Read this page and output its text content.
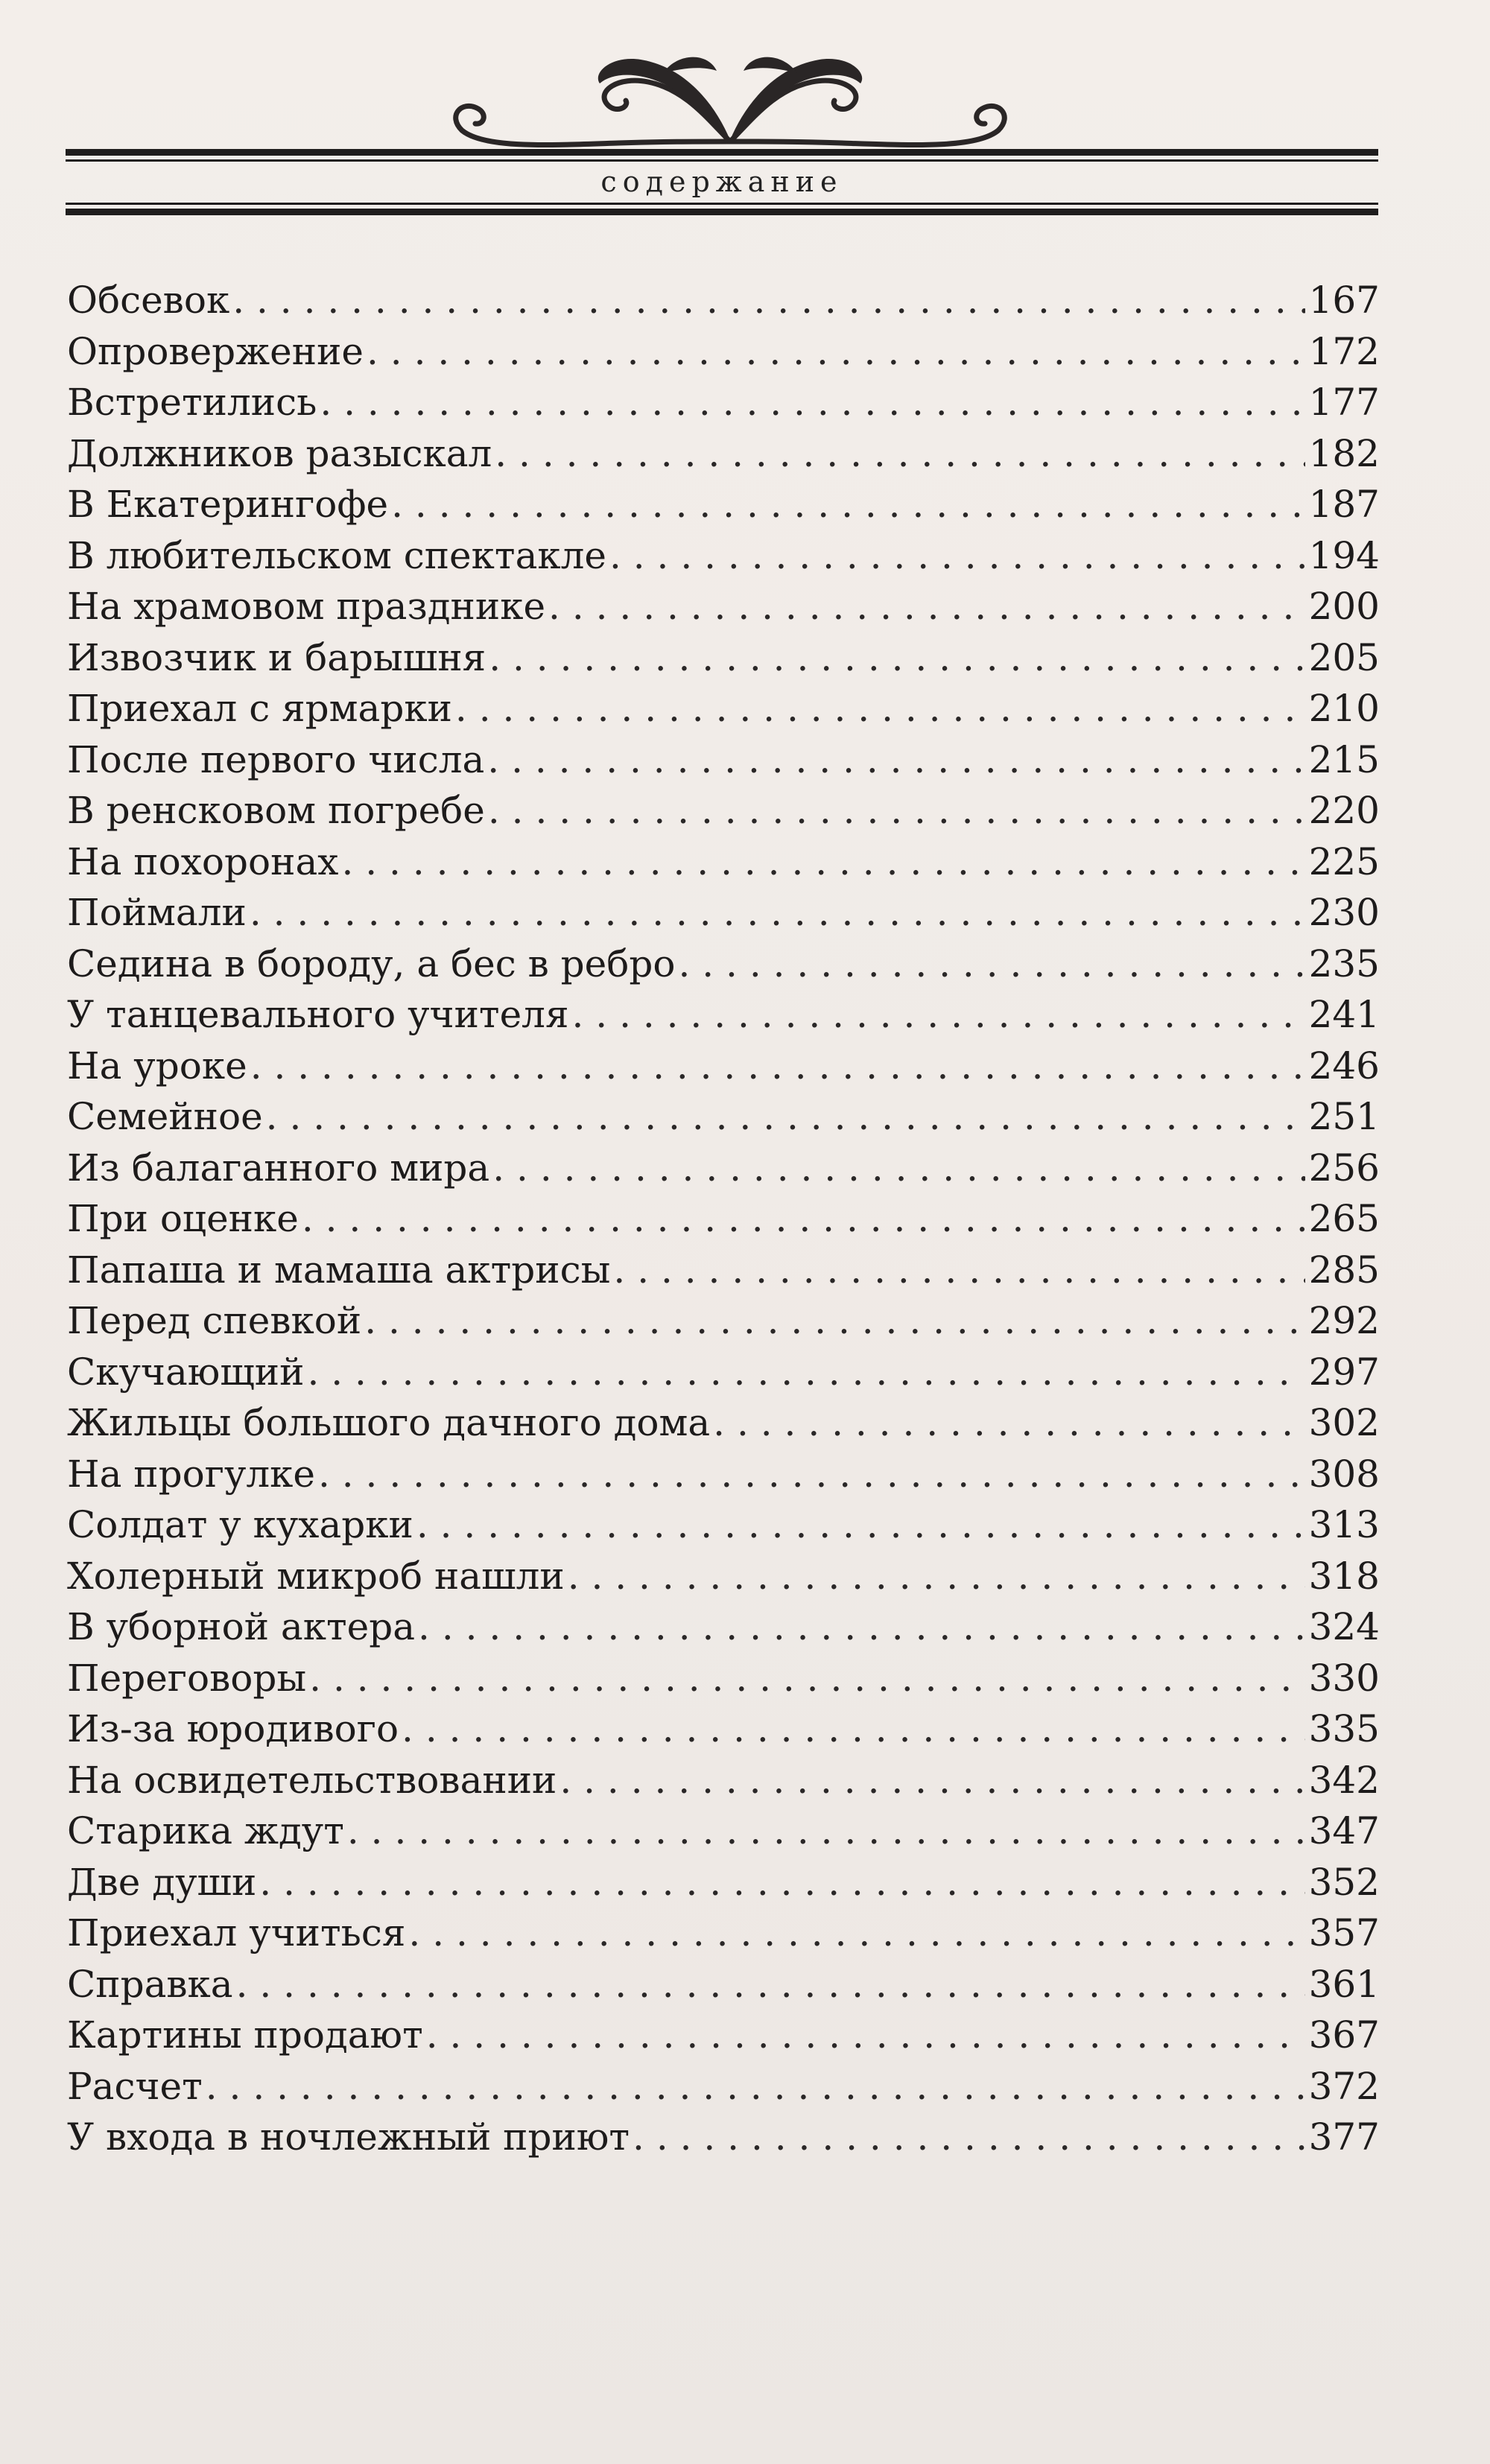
содержание
Обсевок . . .	167
Опровержение . . .	172
Встретились . . .	177
Должников разыскал . . .	182
В Екатерингофе . . .	187
В любительском спектакле . . .	194
На храмовом празднике . . .	200
Извозчик и барышня . . .	205
Приехал с ярмарки . . .	210
После первого числа . . .	215
В ренсковом погребе . . .	220
На похоронах . . .	225
Поймали . . .	230
Седина в бороду, а бес в ребро . . .	235
У танцевального учителя . . .	241
На уроке . . .	246
Семейное . . .	251
Из балаганного мира . . .	256
При оценке . . .	265
Папаша и мамаша актрисы . . .	285
Перед спевкой . . .	292
Скучающий . . .	297
Жильцы большого дачного дома . . .	302
На прогулке . . .	308
Солдат у кухарки . . .	313
Холерный микроб нашли . . .	318
В уборной актера . . .	324
Переговоры . . .	330
Из-за юродивого . . .	335
На освидетельствовании . . .	342
Старика ждут . . .	347
Две души . . .	352
Приехал учиться . . .	357
Справка . . .	361
Картины продают . . .	367
Расчет . . .	372
У входа в ночлежный приют . . .	377
